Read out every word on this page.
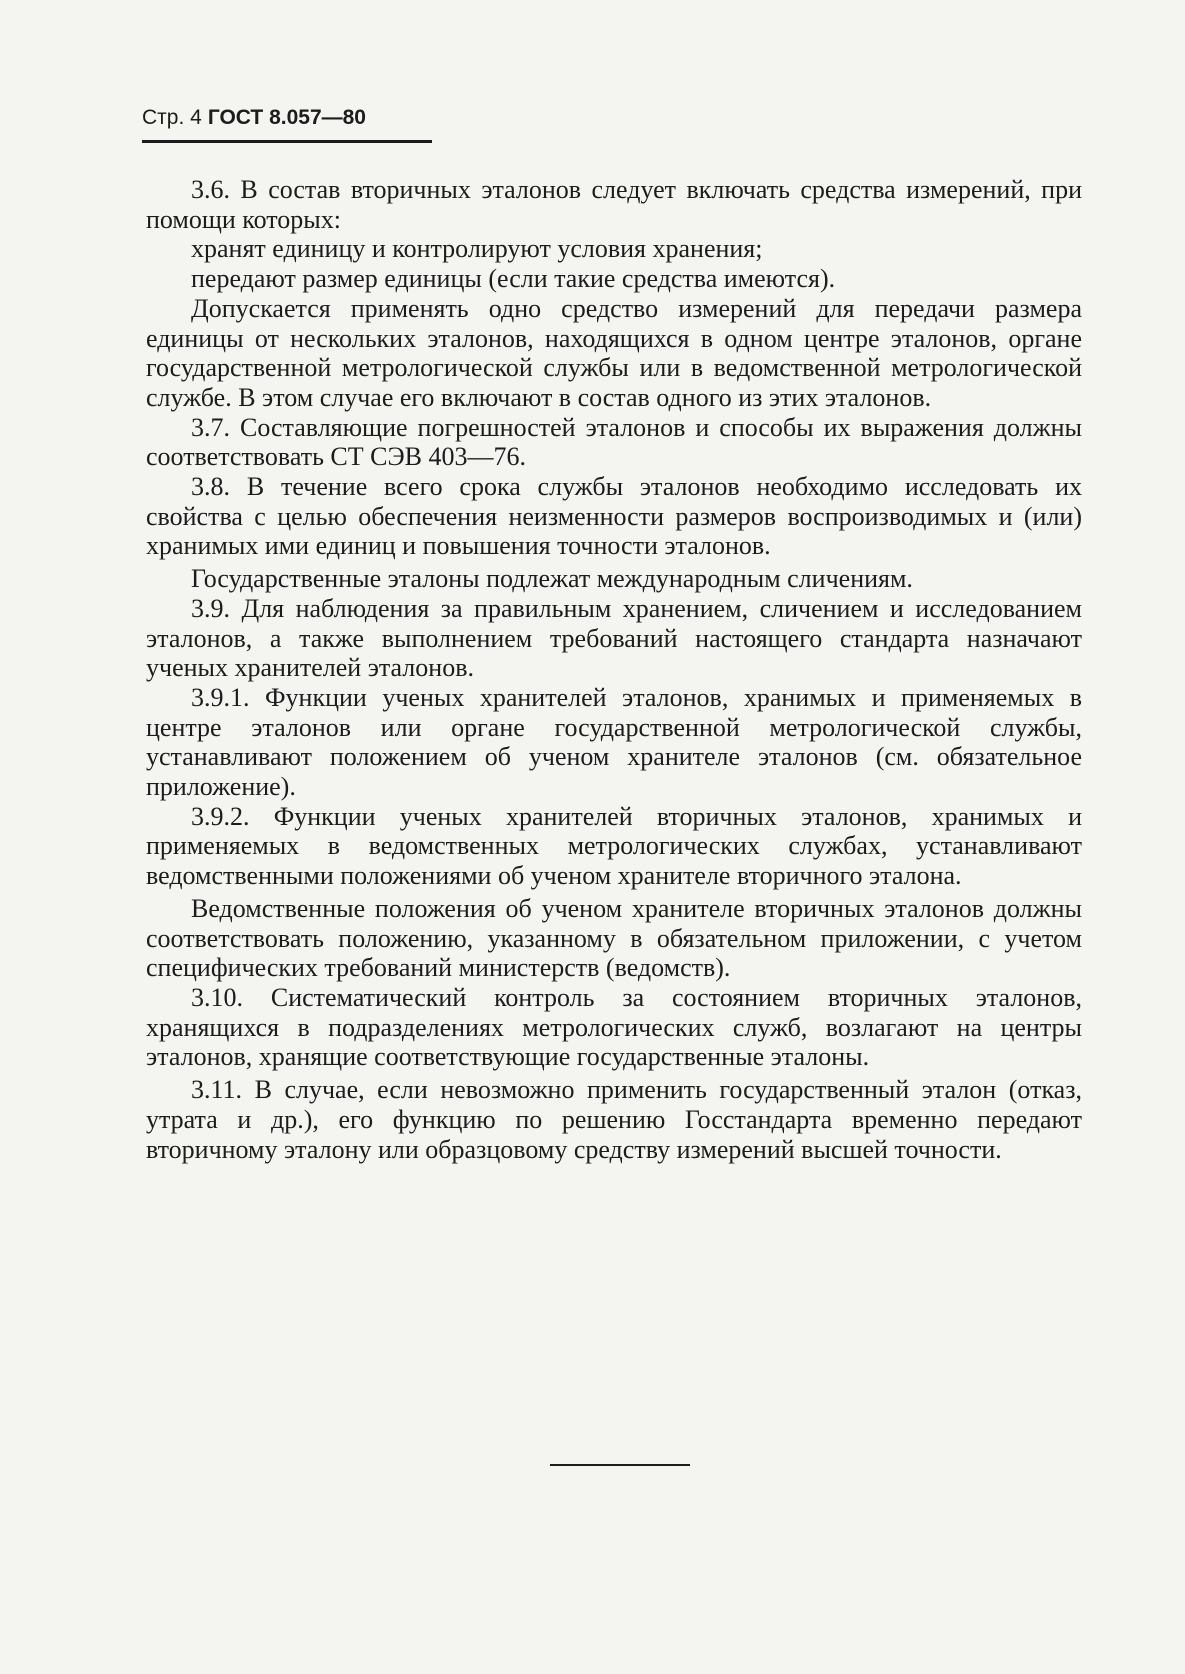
Стр. 4 ГОСТ 8.057—80

3.6. В состав вторичных эталонов следует включать средства измерений, при помощи которых:

хранят единицу и контролируют условия хранения;

передают размер единицы (если такие средства имеются).

Допускается применять одно средство измерений для передачи размера единицы от нескольких эталонов, находящихся в одном центре эталонов, органе государственной метрологической службы или в ведомственной метрологической службе. В этом случае его включают в состав одного из этих эталонов.

3.7. Составляющие погрешностей эталонов и способы их выражения должны соответствовать СТ СЭВ 403—76.

3.8. В течение всего срока службы эталонов необходимо исследовать их свойства с целью обеспечения неизменности размеров воспроизводимых и (или) хранимых ими единиц и повышения точности эталонов.

Государственные эталоны подлежат международным сличениям.

3.9. Для наблюдения за правильным хранением, сличением и исследованием эталонов, а также выполнением требований настоящего стандарта назначают ученых хранителей эталонов.

3.9.1. Функции ученых хранителей эталонов, хранимых и применяемых в центре эталонов или органе государственной метрологической службы, устанавливают положением об ученом хранителе эталонов (см. обязательное приложение).

3.9.2. Функции ученых хранителей вторичных эталонов, хранимых и применяемых в ведомственных метрологических службах, устанавливают ведомственными положениями об ученом хранителе вторичного эталона.

Ведомственные положения об ученом хранителе вторичных эталонов должны соответствовать положению, указанному в обязательном приложении, с учетом специфических требований министерств (ведомств).

3.10. Систематический контроль за состоянием вторичных эталонов, хранящихся в подразделениях метрологических служб, возлагают на центры эталонов, хранящие соответствующие государственные эталоны.

3.11. В случае, если невозможно применить государственный эталон (отказ, утрата и др.), его функцию по решению Госстандарта временно передают вторичному эталону или образцовому средству измерений высшей точности.
